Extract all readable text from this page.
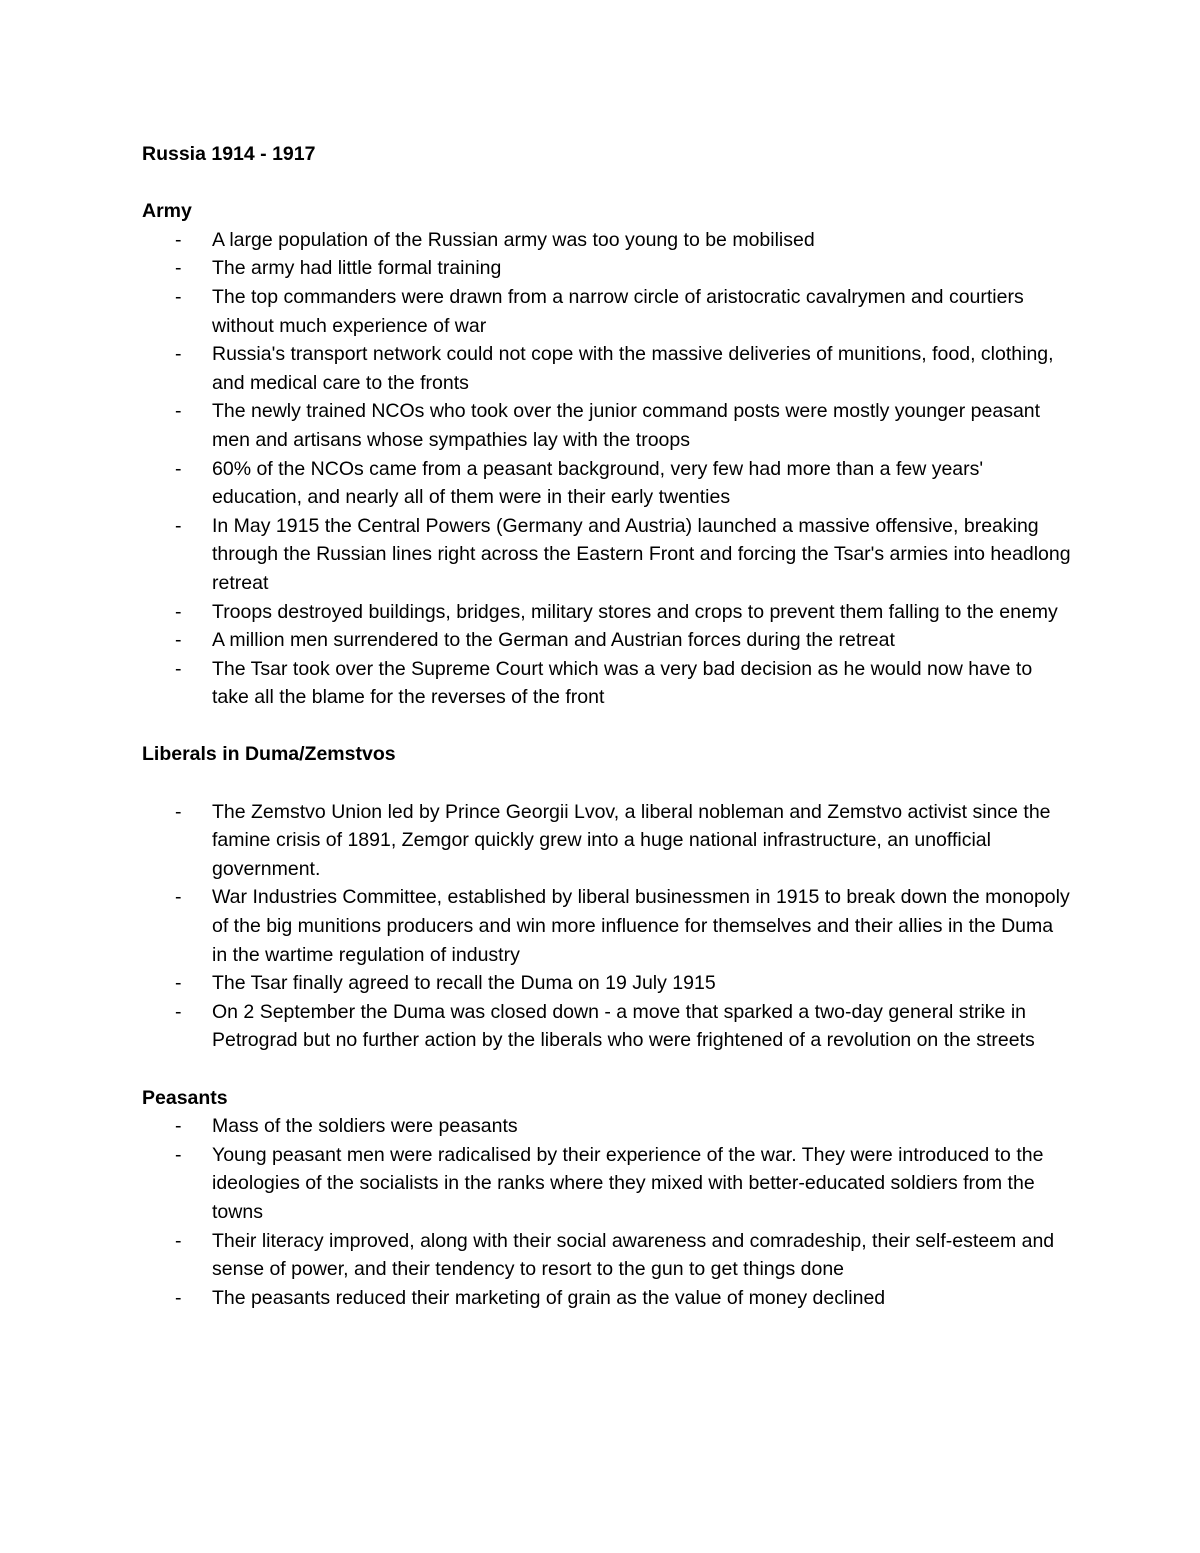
Russia 1914 - 1917
Army
- A large population of the Russian army was too young to be mobilised
- The army had little formal training
- The top commanders were drawn from a narrow circle of aristocratic cavalrymen and courtiers without much experience of war
- Russia's transport network could not cope with the massive deliveries of munitions, food, clothing, and medical care to the fronts
- The newly trained NCOs who took over the junior command posts were mostly younger peasant men and artisans whose sympathies lay with the troops
- 60% of the NCOs came from a peasant background, very few had more than a few years' education, and nearly all of them were in their early twenties
- In May 1915 the Central Powers (Germany and Austria) launched a massive offensive, breaking through the Russian lines right across the Eastern Front and forcing the Tsar's armies into headlong retreat
- Troops destroyed buildings, bridges, military stores and crops to prevent them falling to the enemy
- A million men surrendered to the German and Austrian forces during the retreat
- The Tsar took over the Supreme Court which was a very bad decision as he would now have to take all the blame for the reverses of the front
Liberals in Duma/Zemstvos
- The Zemstvo Union led by Prince Georgii Lvov, a liberal nobleman and Zemstvo activist since the famine crisis of 1891, Zemgor quickly grew into a huge national infrastructure, an unofficial government.
- War Industries Committee, established by liberal businessmen in 1915 to break down the monopoly of the big munitions producers and win more influence for themselves and their allies in the Duma in the wartime regulation of industry
- The Tsar finally agreed to recall the Duma on 19 July 1915
- On 2 September the Duma was closed down - a move that sparked a two-day general strike in Petrograd but no further action by the liberals who were frightened of a revolution on the streets
Peasants
- Mass of the soldiers were peasants
- Young peasant men were radicalised by their experience of the war. They were introduced to the ideologies of the socialists in the ranks where they mixed with better-educated soldiers from the towns
- Their literacy improved, along with their social awareness and comradeship, their self-esteem and sense of power, and their tendency to resort to the gun to get things done
- The peasants reduced their marketing of grain as the value of money declined
